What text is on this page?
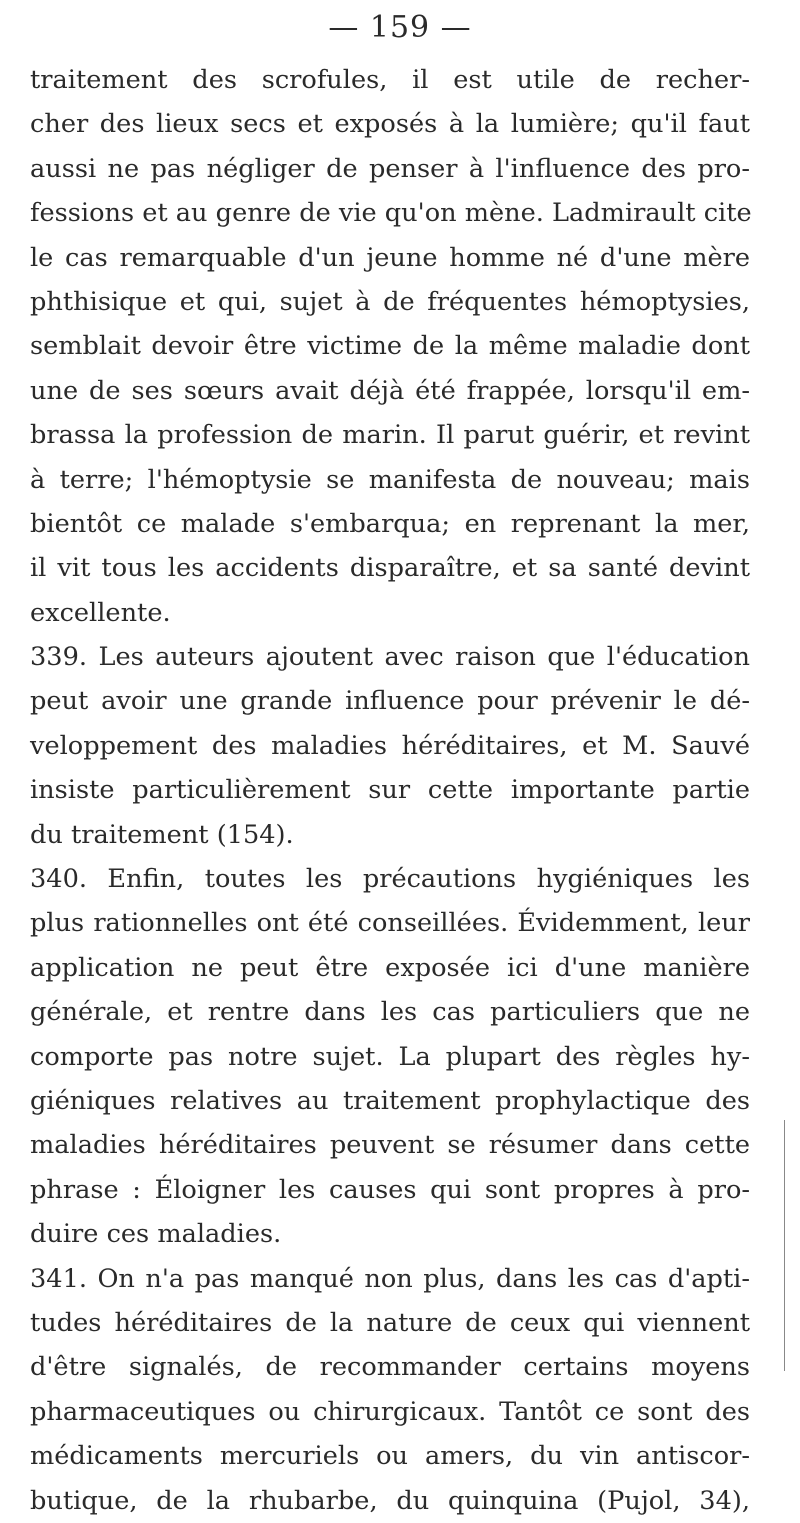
— 159 —
traitement des scrofules, il est utile de recher-
cher des lieux secs et exposés à la lumière; qu'il faut
aussi ne pas négliger de penser à l'influence des pro-
fessions et au genre de vie qu'on mène. Ladmirault cite
le cas remarquable d'un jeune homme né d'une mère
phthisique et qui, sujet à de fréquentes hémoptysies,
semblait devoir être victime de la même maladie dont
une de ses sœurs avait déjà été frappée, lorsqu'il em-
brassa la profession de marin. Il parut guérir, et revint
à terre; l'hémoptysie se manifesta de nouveau; mais
bientôt ce malade s'embarqua; en reprenant la mer,
il vit tous les accidents disparaître, et sa santé devint
excellente.
339. Les auteurs ajoutent avec raison que l'éducation
peut avoir une grande influence pour prévenir le dé-
veloppement des maladies héréditaires, et M. Sauvé
insiste particulièrement sur cette importante partie
du traitement (154).
340. Enfin, toutes les précautions hygiéniques les
plus rationnelles ont été conseillées. Évidemment, leur
application ne peut être exposée ici d'une manière
générale, et rentre dans les cas particuliers que ne
comporte pas notre sujet. La plupart des règles hy-
giéniques relatives au traitement prophylactique des
maladies héréditaires peuvent se résumer dans cette
phrase : Éloigner les causes qui sont propres à pro-
duire ces maladies.
341. On n'a pas manqué non plus, dans les cas d'apti-
tudes héréditaires de la nature de ceux qui viennent
d'être signalés, de recommander certains moyens
pharmaceutiques ou chirurgicaux. Tantôt ce sont des
médicaments mercuriels ou amers, du vin antiscor-
butique, de la rhubarbe, du quinquina (Pujol, 34),
